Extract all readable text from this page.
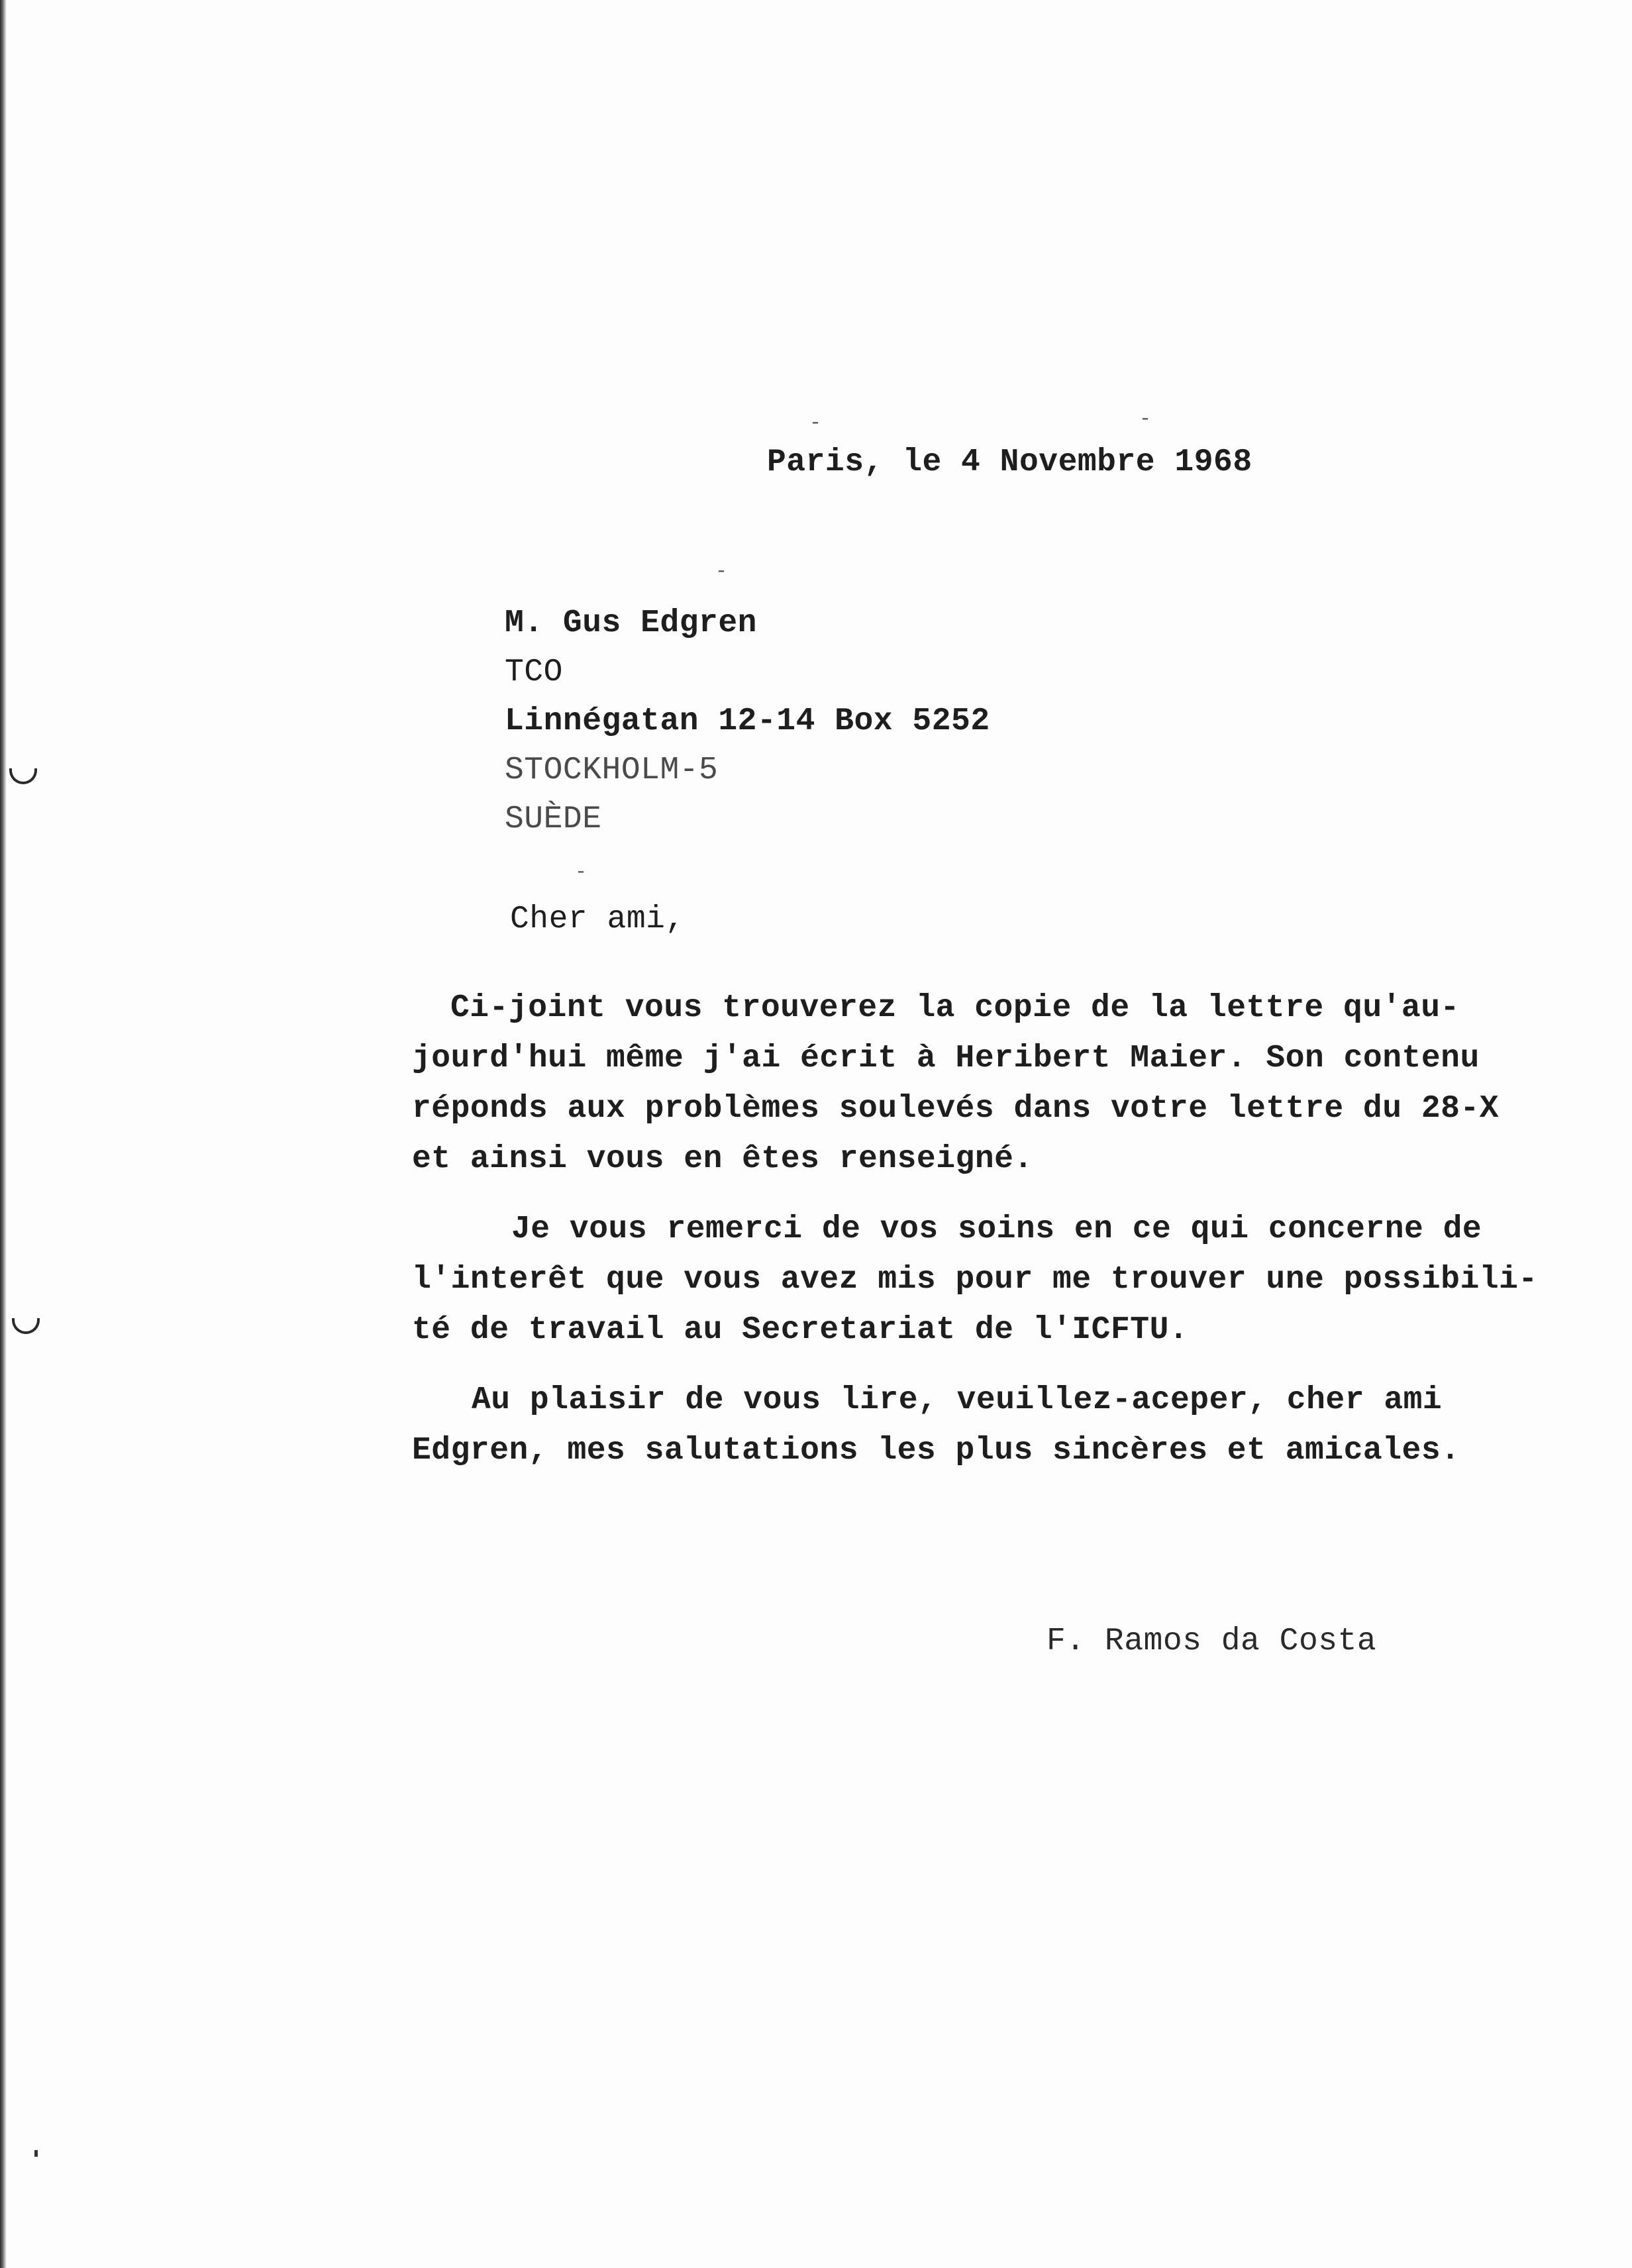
-	-
-
-
Paris, le 4 Novembre 1968
M. Gus Edgren
TCO
Linnégatan 12-14 Box 5252
STOCKHOLM-5
SUÈDE
Cher ami,
Ci-joint vous trouverez la copie de la lettre qu'au-
jourd'hui même j'ai écrit à Heribert Maier. Son contenu
réponds aux problèmes soulevés dans votre lettre du 28-X
et ainsi vous en êtes renseigné.
Je vous remerci de vos soins en ce qui concerne de
l'interêt que vous avez mis pour me trouver une possibili-
té de travail au Secretariat de l'ICFTU.
Au plaisir de vous lire, veuillez-aceper, cher ami
Edgren, mes salutations les plus sincères et amicales.
F. Ramos da Costa
